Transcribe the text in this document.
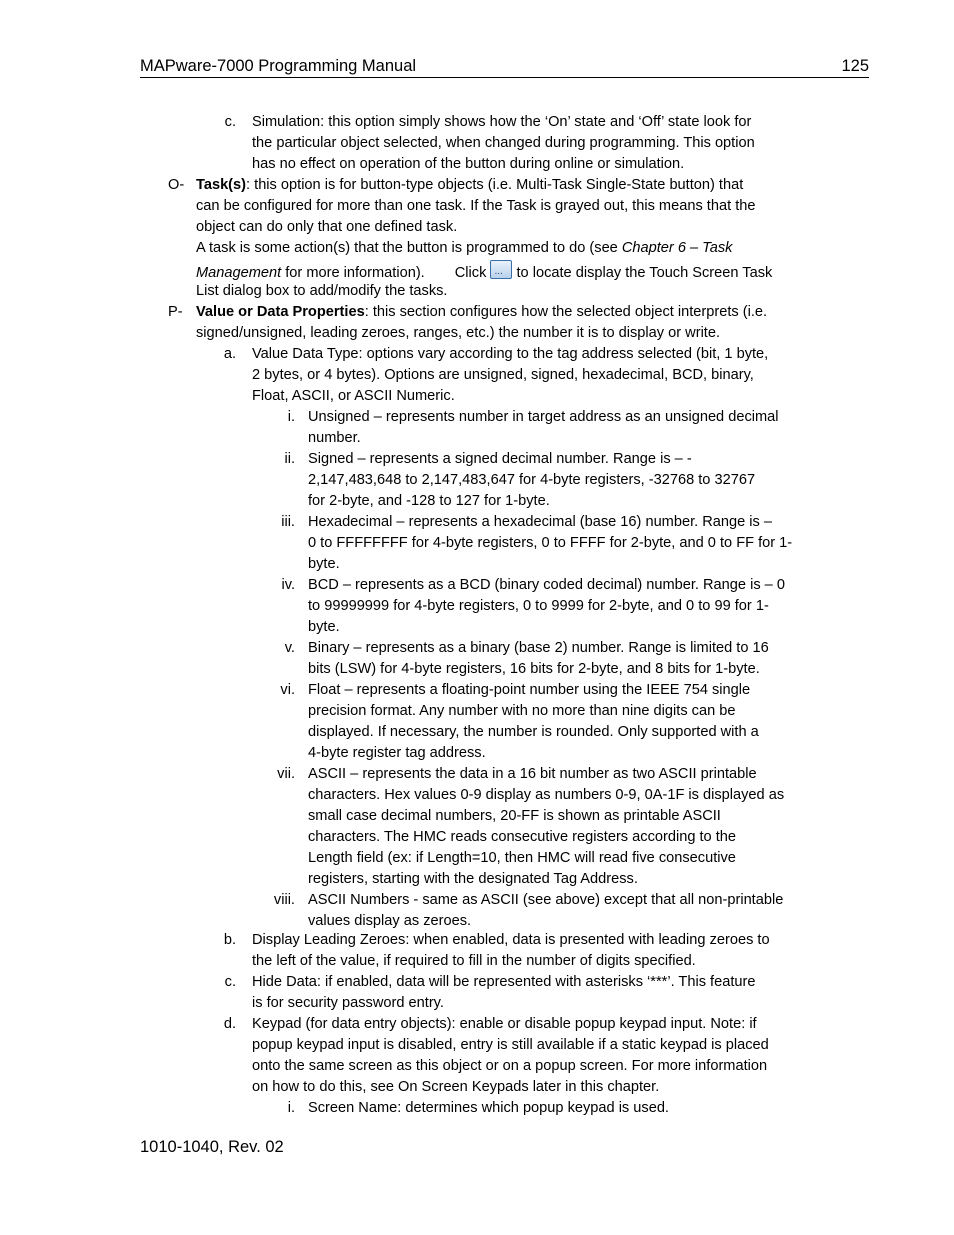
MAPware-7000 Programming Manual	125
c. Simulation: this option simply shows how the ‘On’ state and ‘Off’ state look for
the particular object selected, when changed during programming. This option
has no effect on operation of the button during online or simulation.
O- Task(s): this option is for button-type objects (i.e. Multi-Task Single-State button) that
can be configured for more than one task. If the Task is grayed out, this means that the
object can do only that one defined task.
A task is some action(s) that the button is programmed to do (see Chapter 6 – Task
Management for more information). Click ... to locate display the Touch Screen Task
List dialog box to add/modify the tasks.
P- Value or Data Properties: this section configures how the selected object interprets (i.e.
signed/unsigned, leading zeroes, ranges, etc.) the number it is to display or write.
a. Value Data Type: options vary according to the tag address selected (bit, 1 byte,
2 bytes, or 4 bytes). Options are unsigned, signed, hexadecimal, BCD, binary,
Float, ASCII, or ASCII Numeric.
i. Unsigned – represents number in target address as an unsigned decimal
number.
ii. Signed – represents a signed decimal number. Range is – -
2,147,483,648 to 2,147,483,647 for 4-byte registers, -32768 to 32767
for 2-byte, and -128 to 127 for 1-byte.
iii. Hexadecimal – represents a hexadecimal (base 16) number. Range is –
0 to FFFFFFFF for 4-byte registers, 0 to FFFF for 2-byte, and 0 to FF for 1-
byte.
iv. BCD – represents as a BCD (binary coded decimal) number. Range is – 0
to 99999999 for 4-byte registers, 0 to 9999 for 2-byte, and 0 to 99 for 1-
byte.
v. Binary – represents as a binary (base 2) number. Range is limited to 16
bits (LSW) for 4-byte registers, 16 bits for 2-byte, and 8 bits for 1-byte.
vi. Float – represents a floating-point number using the IEEE 754 single
precision format. Any number with no more than nine digits can be
displayed. If necessary, the number is rounded. Only supported with a
4-byte register tag address.
vii. ASCII – represents the data in a 16 bit number as two ASCII printable
characters. Hex values 0-9 display as numbers 0-9, 0A-1F is displayed as
small case decimal numbers, 20-FF is shown as printable ASCII
characters. The HMC reads consecutive registers according to the
Length field (ex: if Length=10, then HMC will read five consecutive
registers, starting with the designated Tag Address.
viii. ASCII Numbers - same as ASCII (see above) except that all non-printable
values display as zeroes.
b. Display Leading Zeroes: when enabled, data is presented with leading zeroes to
the left of the value, if required to fill in the number of digits specified.
c. Hide Data: if enabled, data will be represented with asterisks ‘***’. This feature
is for security password entry.
d. Keypad (for data entry objects): enable or disable popup keypad input. Note: if
popup keypad input is disabled, entry is still available if a static keypad is placed
onto the same screen as this object or on a popup screen. For more information
on how to do this, see On Screen Keypads later in this chapter.
i. Screen Name: determines which popup keypad is used.
1010-1040, Rev. 02
